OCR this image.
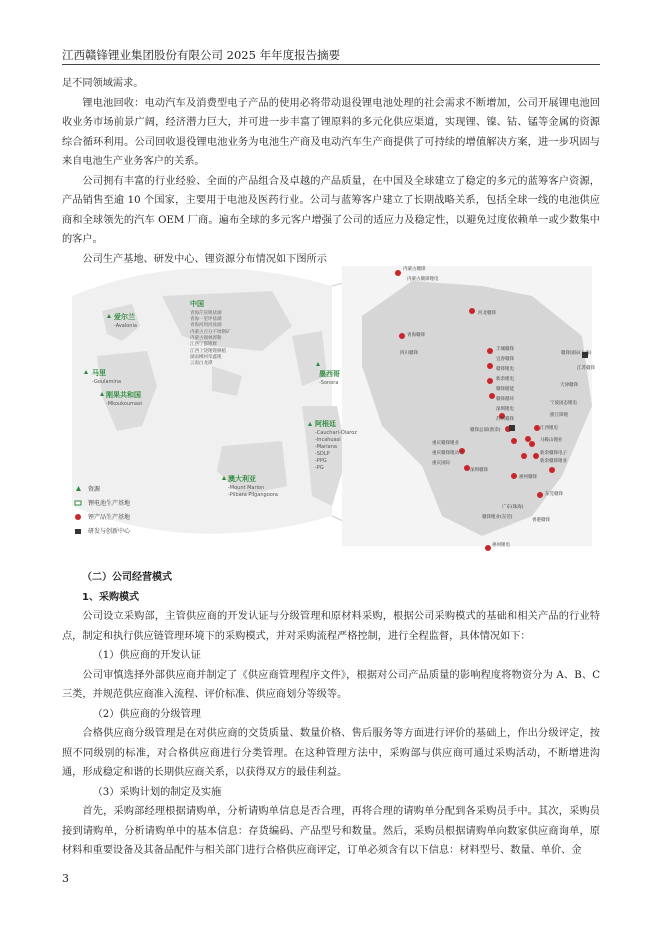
江西赣锋锂业集团股份有限公司 2025 年年度报告摘要

足不同领域需求。

锂电池回收：电动汽车及消费型电子产品的使用必将带动退役锂电池处理的社会需求不断增加，公司开展锂电池回收业务市场前景广阔，经济潜力巨大，并可进一步丰富了锂原料的多元化供应渠道，实现锂、镍、钴、锰等金属的资源综合循环利用。公司回收退役锂电池业务为电池生产商及电动汽车生产商提供了可持续的增值解决方案，进一步巩固与来自电池生产业务客户的关系。

公司拥有丰富的行业经验、全面的产品组合及卓越的产品质量，在中国及全球建立了稳定的多元的蓝筹客户资源，产品销售至逾 10 个国家，主要用于电池及医药行业。公司与蓝筹客户建立了长期战略关系，包括全球一线的电池供应商和全球领先的汽车 OEM 厂商。遍布全球的多元客户增强了公司的适应力及稳定性，以避免过度依赖单一或少数集中的客户。

公司生产基地、研发中心、锂资源分布情况如下图所示

资源
锂电池生产基地
锂产品生产基地
研发与创新中心
爱尔兰
-Avalonia
马里
-Goulamina
刚果共和国
-Mkoukoumasi
墨西哥
-Sonora
澳大利亚
-Mount Marion
-Pilbara Pilgangoora
阿根廷
-Cauchari-Olaroz
-Incahuasi
-Mariana
-SDLP
-PPG
-PG
中国
青海茫崖锂盐湖
青海一里坪盐湖
青海河坝河盐湖
内蒙古百分不锈钢矿
内蒙古锡林郭勒
江西宁都锂辉
江西上饶锂锂棉植
湖南郴州荣鑫锂
云南白龙潭
内蒙古赣锋
内蒙古赣锋锂电
河北赣锋
青海赣锋
四川赣锋
丰城赣锋
宜春赣锋
赣锋锂电
新余锂电
赣锋储能
赣锋循环
深圳锂电
苏州赣锋
江西锂电
重庆赣锋锂业
重庆赣锋锂动力
惠州赣锋
东莞赣锋
赣锋国际(上海)
江苏赣锋
马鞍山锂业
宁波固态锂电
浙江锋锂
新余赣锋电子
新余赣锋锂业
天津赣锋
赣锋总部(新余)
香港赣锋
广东(珠海)
惠州锂电
赣锋锂业(东莞)
重庆国际
深圳赣锋

（二）公司经营模式

1、采购模式

公司设立采购部，主管供应商的开发认证与分级管理和原材料采购，根据公司采购模式的基础和相关产品的行业特点，制定和执行供应链管理环境下的采购模式，并对采购流程严格控制，进行全程监督，具体情况如下：

（1）供应商的开发认证

公司审慎选择外部供应商并制定了《供应商管理程序文件》，根据对公司产品质量的影响程度将物资分为 A、B、C 三类，并规范供应商准入流程、评价标准、供应商划分等级等。

（2）供应商的分级管理

合格供应商分级管理是在对供应商的交货质量、数量价格、售后服务等方面进行评价的基础上，作出分级评定，按照不同级别的标准，对合格供应商进行分类管理。在这种管理方法中，采购部与供应商可通过采购活动，不断增进沟通，形成稳定和谐的长期供应商关系，以获得双方的最佳利益。

（3）采购计划的制定及实施

首先，采购部经理根据请购单，分析请购单信息是否合理，再将合理的请购单分配到各采购员手中。其次，采购员接到请购单，分析请购单中的基本信息：存货编码、产品型号和数量。然后，采购员根据请购单向数家供应商询单，原材料和重要设备及其备品配件与相关部门进行合格供应商评定，订单必须含有以下信息：材料型号、数量、单价、金

3
